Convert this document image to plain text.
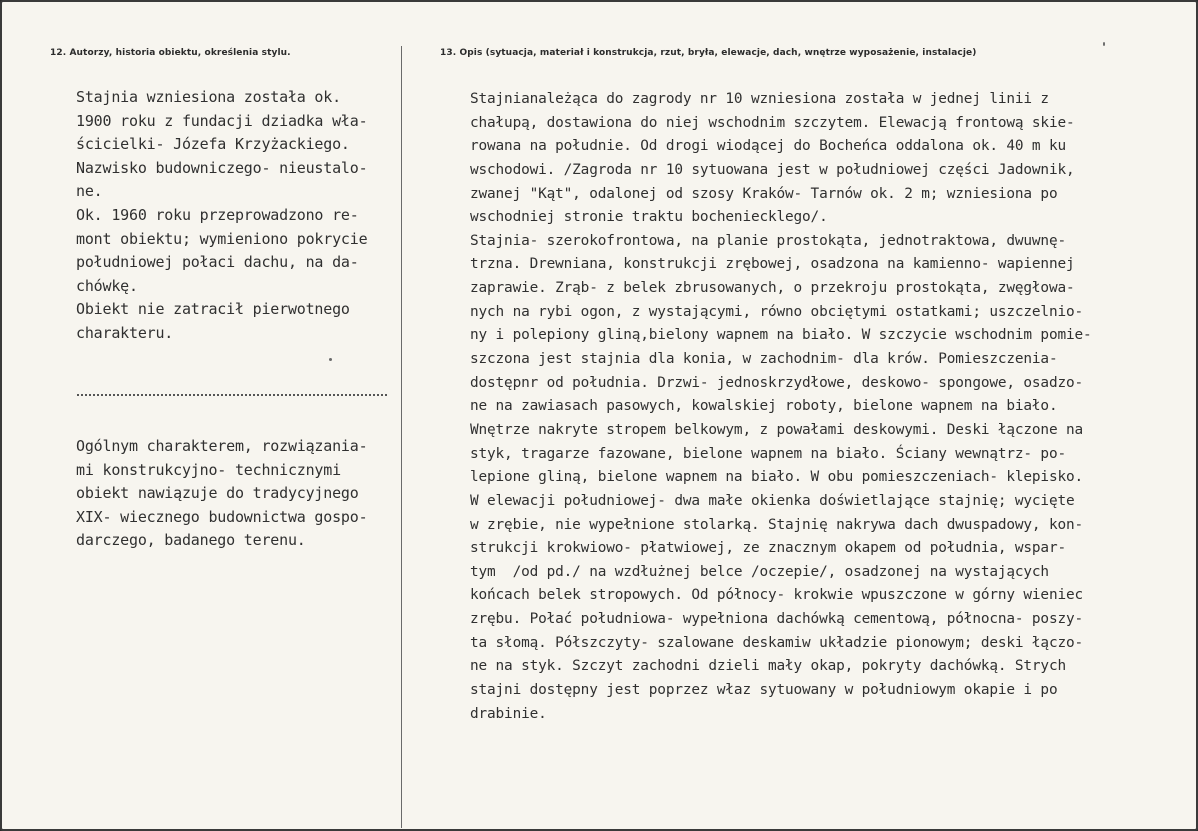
12. Autorzy, historia obiektu, określenia stylu.	13. Opis (sytuacja, materiał i konstrukcja, rzut, bryła, elewacje, dach, wnętrze wyposażenie, instalacje)
Stajnia wzniesiona została ok.
1900 roku z fundacji dziadka wła-
ścicielki- Józefa Krzyżackiego.
Nazwisko budowniczego- nieustalo-
ne.
Ok. 1960 roku przeprowadzono re-
mont obiektu; wymieniono pokrycie
południowej połaci dachu, na da-
chówkę.
Obiekt nie zatracił pierwotnego
charakteru.
Ogólnym charakterem, rozwiązania-
mi konstrukcyjno- technicznymi
obiekt nawiązuje do tradycyjnego
XIX- wiecznego budownictwa gospo-
darczego, badanego terenu.
Stajnianależąca do zagrody nr 10 wzniesiona została w jednej linii z
chałupą, dostawiona do niej wschodnim szczytem. Elewacją frontową skie-
rowana na południe. Od drogi wiodącej do Bocheńca oddalona ok. 40 m ku
wschodowi. /Zagroda nr 10 sytuowana jest w południowej części Jadownik,
zwanej "Kąt", odalonej od szosy Kraków- Tarnów ok. 2 m; wzniesiona po
wschodniej stronie traktu bocheniecklego/.
Stajnia- szerokofrontowa, na planie prostokąta, jednotraktowa, dwuwnę-
trzna. Drewniana, konstrukcji zrębowej, osadzona na kamienno- wapiennej
zaprawie. Zrąb- z belek zbrusowanych, o przekroju prostokąta, zwęgłowa-
nych na rybi ogon, z wystającymi, równo obciętymi ostatkami; uszczelnio-
ny i polepiony gliną,bielony wapnem na biało. W szczycie wschodnim pomie-
szczona jest stajnia dla konia, w zachodnim- dla krów. Pomieszczenia-
dostępnr od południa. Drzwi- jednoskrzydłowe, deskowo- spongowe, osadzo-
ne na zawiasach pasowych, kowalskiej roboty, bielone wapnem na biało.
Wnętrze nakryte stropem belkowym, z powałami deskowymi. Deski łączone na
styk, tragarze fazowane, bielone wapnem na biało. Ściany wewnątrz- po-
lepione gliną, bielone wapnem na biało. W obu pomieszczeniach- klepisko.
W elewacji południowej- dwa małe okienka doświetlające stajnię; wycięte
w zrębie, nie wypełnione stolarką. Stajnię nakrywa dach dwuspadowy, kon-
strukcji krokwiowo- płatwiowej, ze znacznym okapem od południa, wspar-
tym  /od pd./ na wzdłużnej belce /oczepie/, osadzonej na wystających
końcach belek stropowych. Od północy- krokwie wpuszczone w górny wieniec
zrębu. Połać południowa- wypełniona dachówką cementową, północna- poszy-
ta słomą. Półszczyty- szalowane deskamiw układzie pionowym; deski łączo-
ne na styk. Szczyt zachodni dzieli mały okap, pokryty dachówką. Strych
stajni dostępny jest poprzez właz sytuowany w południowym okapie i po
drabinie.
